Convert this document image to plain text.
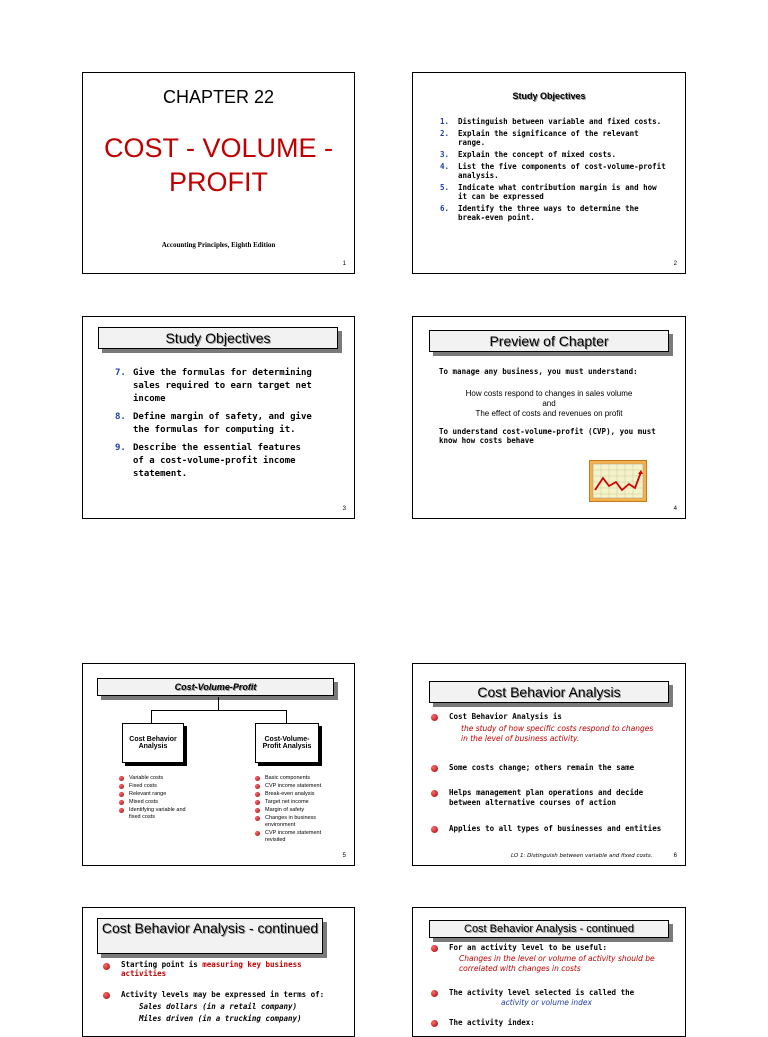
CHAPTER 22
COST - VOLUME -
PROFIT
Accounting Principles, Eighth Edition
1
Study Objectives
1. Distinguish between variable and fixed costs.
2. Explain the significance of the relevant range.
3. Explain the concept of mixed costs.
4. List the five components of cost-volume-profit analysis.
5. Indicate what contribution margin is and how it can be expressed
6. Identify the three ways to determine the break-even point.
2
Study Objectives
7. Give the formulas for determining sales required to earn target net income
8. Define margin of safety, and give the formulas for computing it.
9. Describe the essential features of a cost-volume-profit income statement.
3
Preview of Chapter
To manage any business, you must understand:
How costs respond to changes in sales volume
and
The effect of costs and revenues on profit
To understand cost-volume-profit (CVP), you must know how costs behave
4
Cost-Volume-Profit
Cost Behavior Analysis
Cost-Volume-Profit Analysis
Variable costs
Fixed costs
Relevant range
Mixed costs
Identifying variable and fixed costs
Basic components
CVP income statement
Break-even analysis
Target net income
Margin of safety
Changes in business environment
CVP income statement revisited
5
Cost Behavior Analysis
Cost Behavior Analysis is
the study of how specific costs respond to changes in the level of business activity.
Some costs change; others remain the same
Helps management plan operations and decide between alternative courses of action
Applies to all types of businesses and entities
LO 1: Distinguish between variable and fixed costs.	6
Cost Behavior Analysis - continued
Starting point is measuring key business activities
Activity levels may be expressed in terms of:
Sales dollars (in a retail company)
Miles driven (in a trucking company)
Cost Behavior Analysis - continued
For an activity level to be useful:
Changes in the level or volume of activity should be correlated with changes in costs
The activity level selected is called the
activity or volume index
The activity index:
